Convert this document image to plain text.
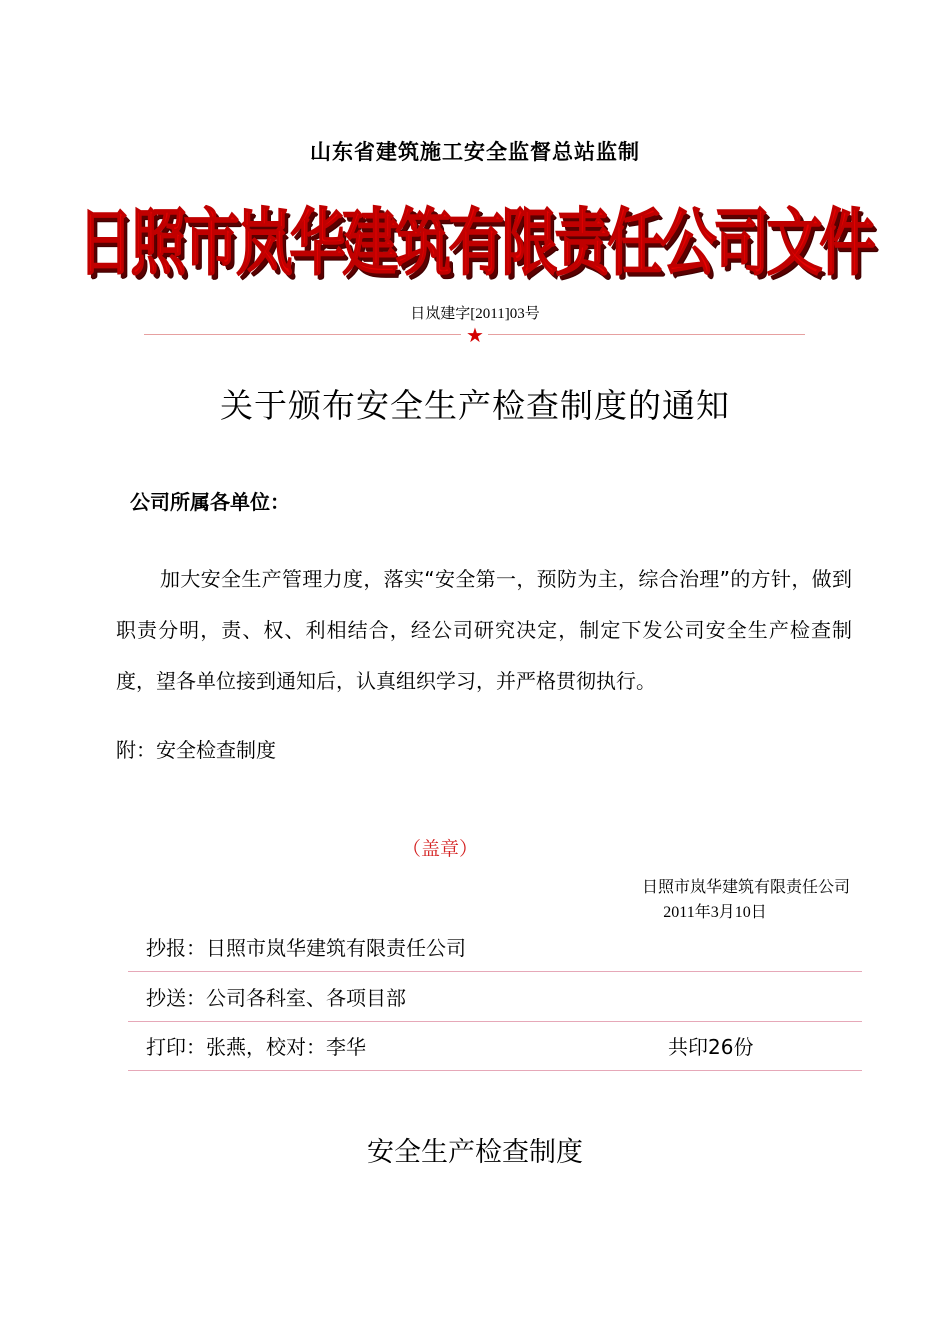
山东省建筑施工安全监督总站监制
日照市岚华建筑有限责任公司文件
日岚建字[2011]03号
★
关于颁布安全生产检查制度的通知
公司所属各单位：
加大安全生产管理力度，落实“安全第一，预防为主，综合治理”的方针，做到职责分明，责、权、利相结合，经公司研究决定，制定下发公司安全生产检查制度，望各单位接到通知后，认真组织学习，并严格贯彻执行。
附：安全检查制度
（盖章）
日照市岚华建筑有限责任公司
2011年3月10日
抄报：日照市岚华建筑有限责任公司
抄送：公司各科室、各项目部
打印：张燕，校对：李华	共印26份
安全生产检查制度
